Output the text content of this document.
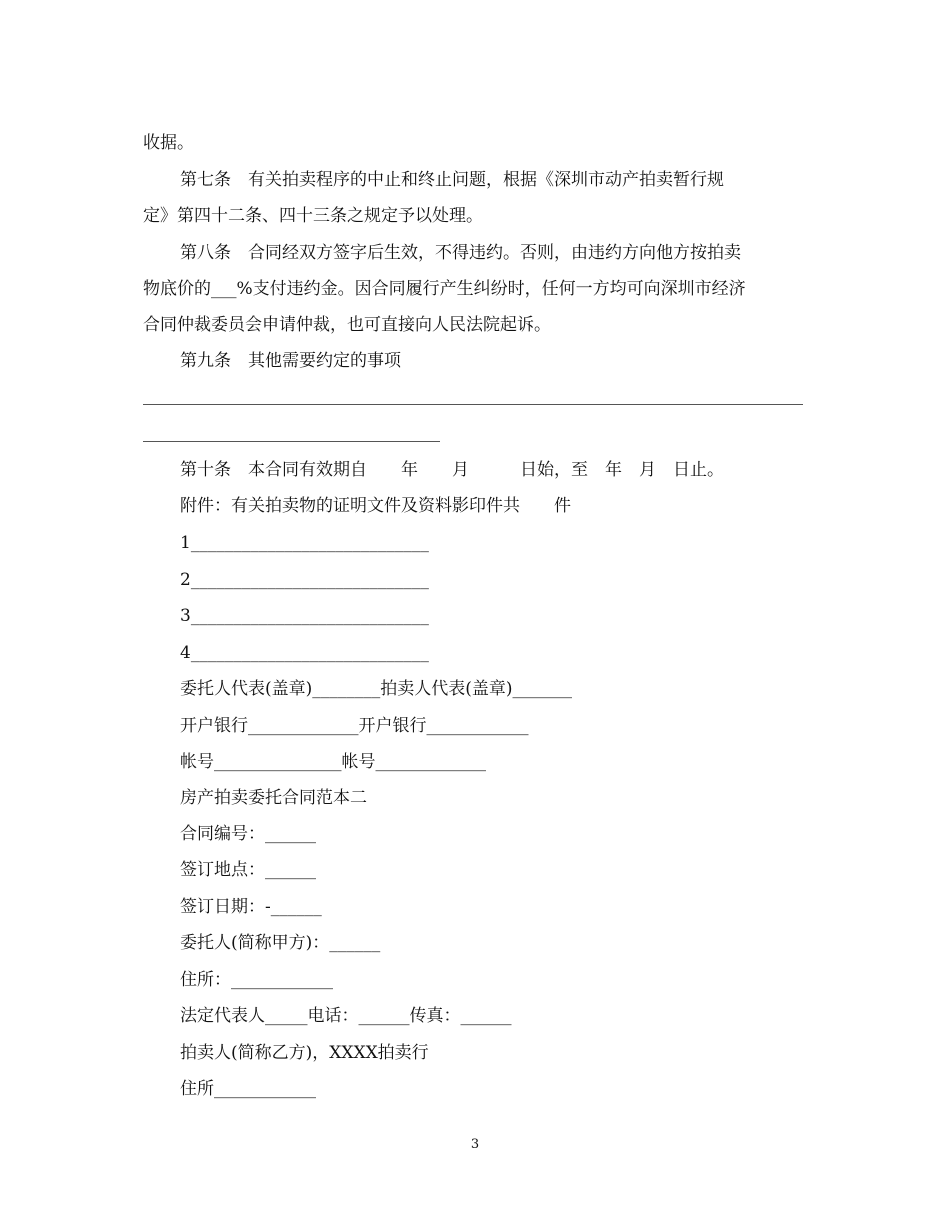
收据。
第七条　有关拍卖程序的中止和终止问题，根据《深圳市动产拍卖暂行规
定》第四十二条、四十三条之规定予以处理。
第八条　合同经双方签字后生效，不得违约。否则，由违约方向他方按拍卖
物底价的___%支付违约金。因合同履行产生纠纷时，任何一方均可向深圳市经济
合同仲裁委员会申请仲裁，也可直接向人民法院起诉。
第九条　其他需要约定的事项
第十条　本合同有效期自　　年　　月　　　日始，至　年　月　日止。
附件：有关拍卖物的证明文件及资料影印件共　　件
1____________________________
2____________________________
3____________________________
4____________________________
委托人代表(盖章)________拍卖人代表(盖章)_______
开户银行_____________开户银行____________
帐号_______________帐号_____________
房产拍卖委托合同范本二
合同编号：______
签订地点：______
签订日期：-______
委托人(简称甲方)：______
住所：____________
法定代表人_____电话：______传真：______
拍卖人(简称乙方)，XXXX拍卖行
住所____________
3
